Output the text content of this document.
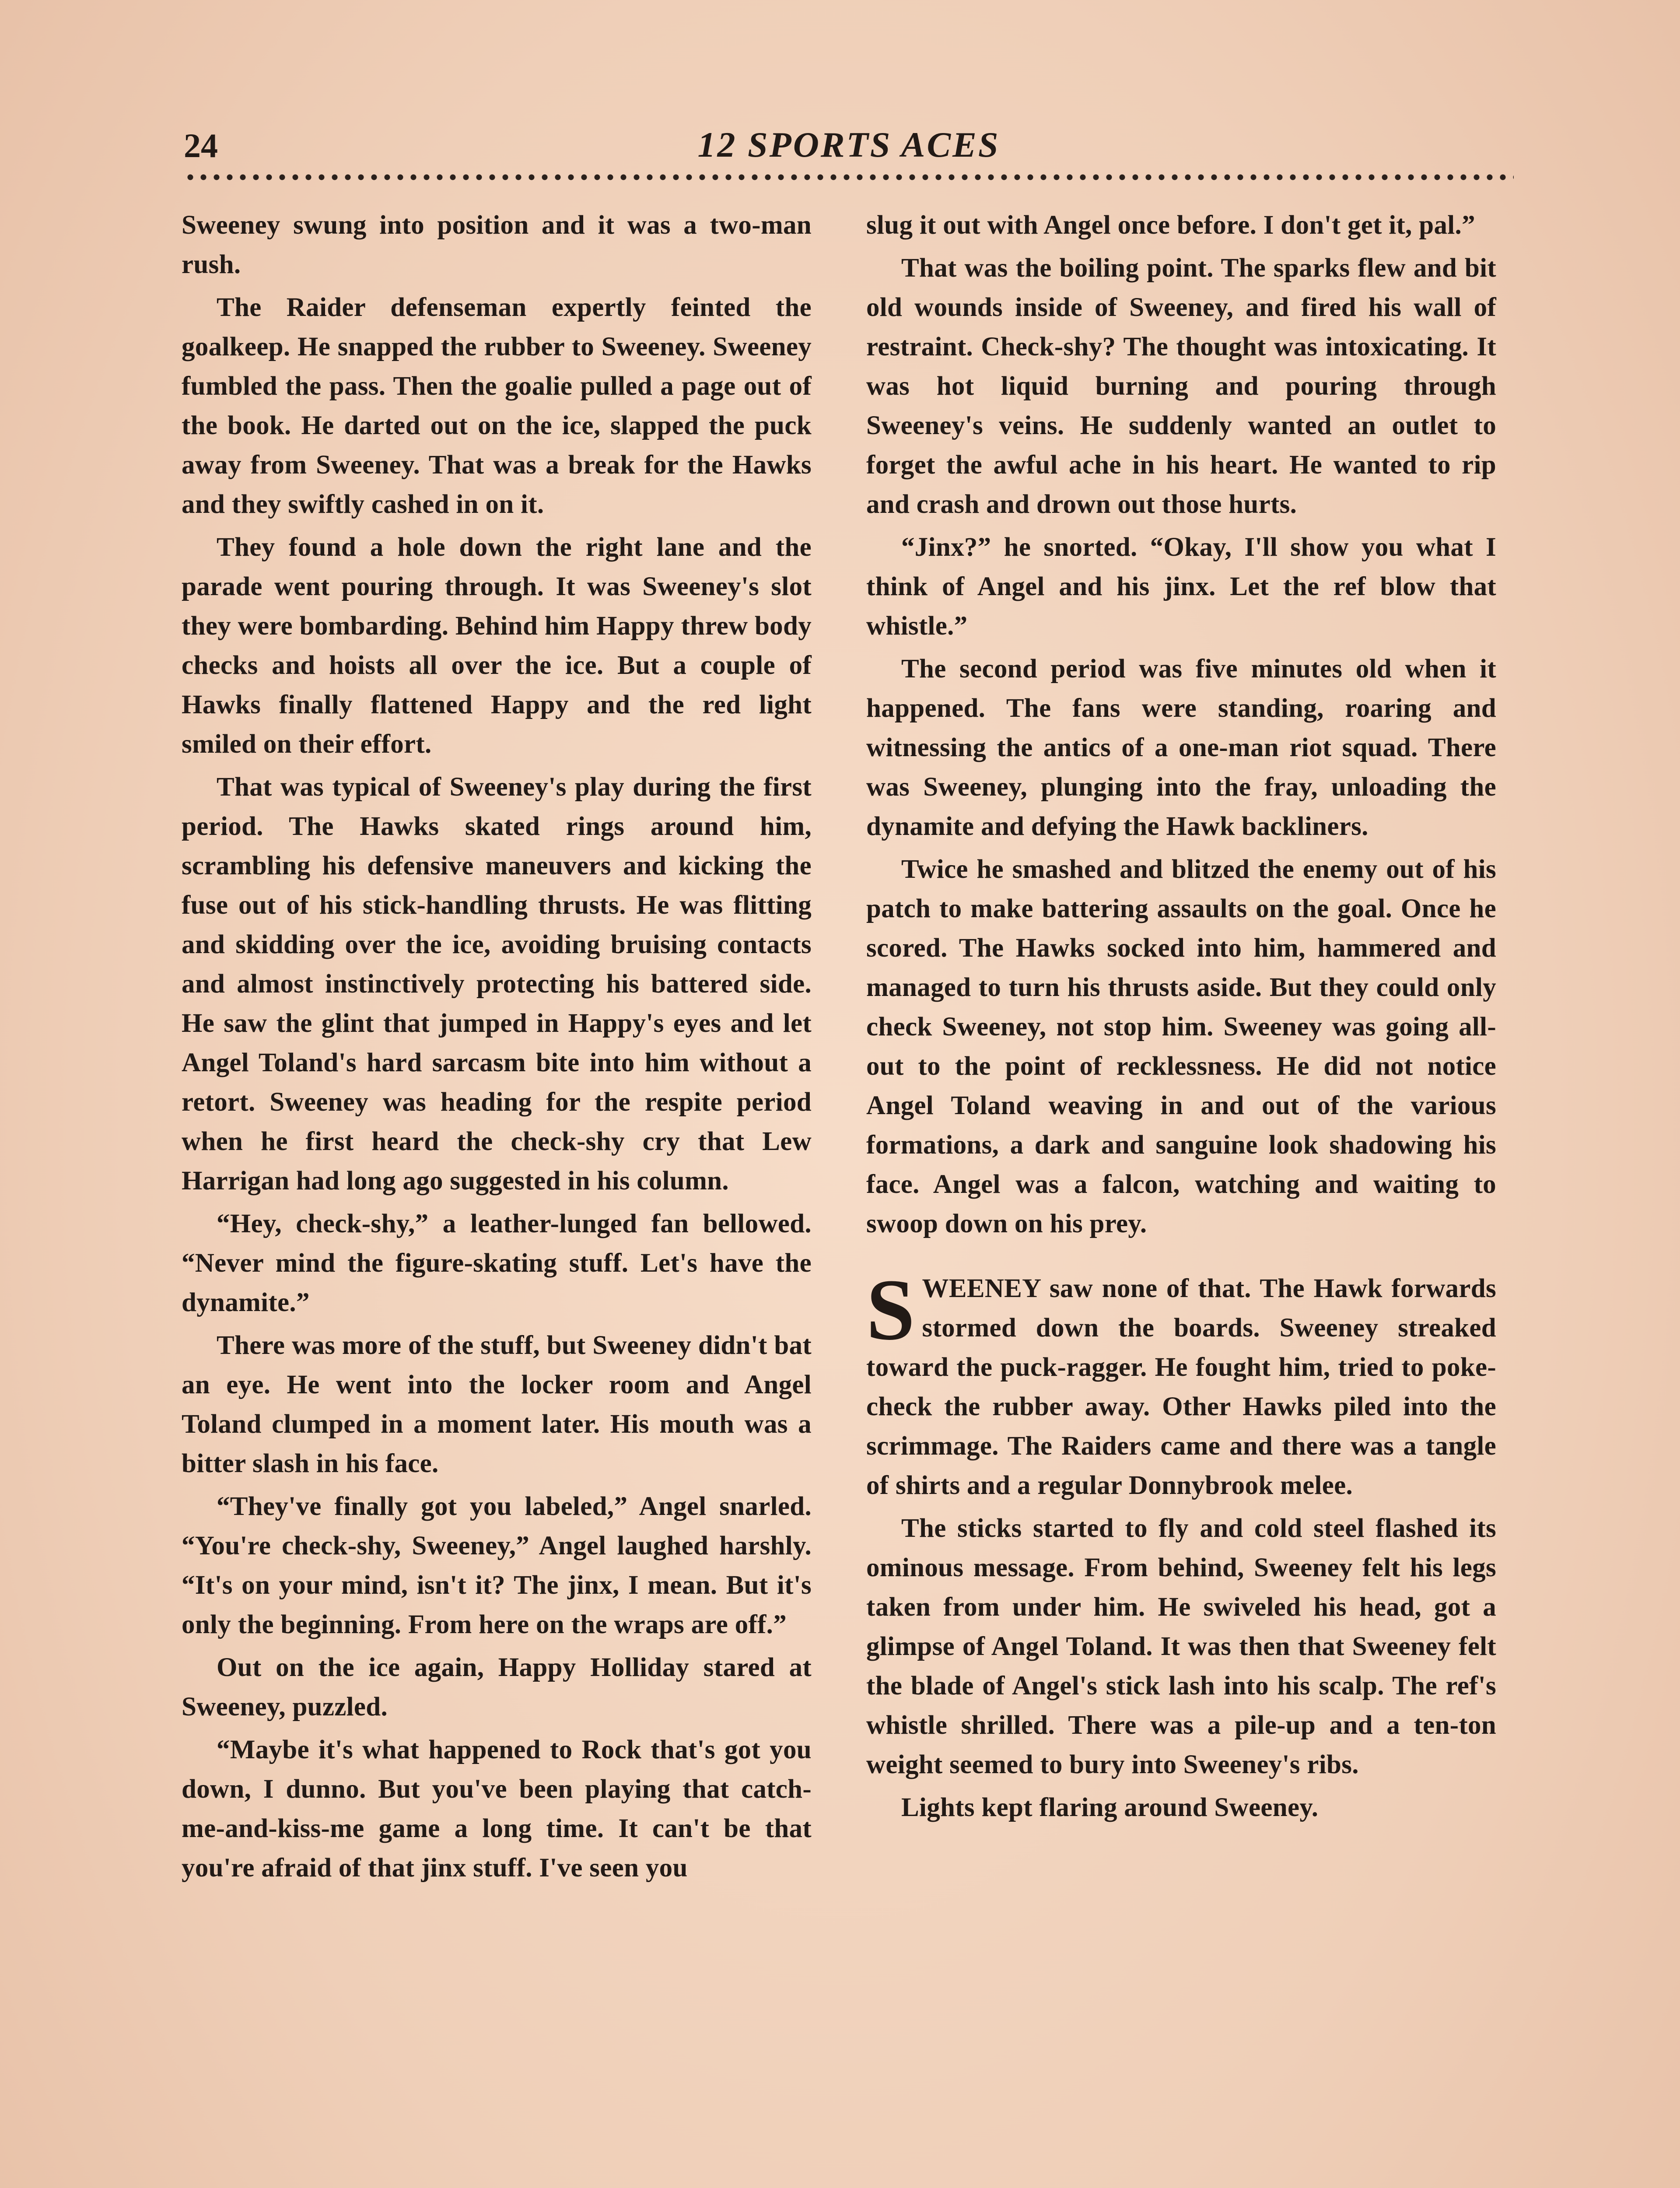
24	12 SPORTS ACES

Sweeney swung into position and it was a two-man rush.

The Raider defenseman expertly feinted the goalkeep. He snapped the rubber to Sweeney. Sweeney fumbled the pass. Then the goalie pulled a page out of the book. He darted out on the ice, slapped the puck away from Sweeney. That was a break for the Hawks and they swiftly cashed in on it.

They found a hole down the right lane and the parade went pouring through. It was Sweeney's slot they were bombarding. Behind him Happy threw body checks and hoists all over the ice. But a couple of Hawks finally flattened Happy and the red light smiled on their effort.

That was typical of Sweeney's play during the first period. The Hawks skated rings around him, scrambling his defensive maneuvers and kicking the fuse out of his stick-handling thrusts. He was flitting and skidding over the ice, avoiding bruising contacts and almost instinctively protecting his battered side. He saw the glint that jumped in Happy's eyes and let Angel Toland's hard sarcasm bite into him without a retort. Sweeney was heading for the respite period when he first heard the check-shy cry that Lew Harrigan had long ago suggested in his column.

“Hey, check-shy,” a leather-lunged fan bellowed. “Never mind the figure-skating stuff. Let's have the dynamite.”

There was more of the stuff, but Sweeney didn't bat an eye. He went into the locker room and Angel Toland clumped in a moment later. His mouth was a bitter slash in his face.

“They've finally got you labeled,” Angel snarled. “You're check-shy, Sweeney,” Angel laughed harshly. “It's on your mind, isn't it? The jinx, I mean. But it's only the beginning. From here on the wraps are off.”

Out on the ice again, Happy Holliday stared at Sweeney, puzzled.

“Maybe it's what happened to Rock that's got you down, I dunno. But you've been playing that catch-me-and-kiss-me game a long time. It can't be that you're afraid of that jinx stuff. I've seen you

slug it out with Angel once before. I don't get it, pal.”

That was the boiling point. The sparks flew and bit old wounds inside of Sweeney, and fired his wall of restraint. Check-shy? The thought was intoxicating. It was hot liquid burning and pouring through Sweeney's veins. He suddenly wanted an outlet to forget the awful ache in his heart. He wanted to rip and crash and drown out those hurts.

“Jinx?” he snorted. “Okay, I'll show you what I think of Angel and his jinx. Let the ref blow that whistle.”

The second period was five minutes old when it happened. The fans were standing, roaring and witnessing the antics of a one-man riot squad. There was Sweeney, plunging into the fray, unloading the dynamite and defying the Hawk backliners.

Twice he smashed and blitzed the enemy out of his patch to make battering assaults on the goal. Once he scored. The Hawks socked into him, hammered and managed to turn his thrusts aside. But they could only check Sweeney, not stop him. Sweeney was going all-out to the point of recklessness. He did not notice Angel Toland weaving in and out of the various formations, a dark and sanguine look shadowing his face. Angel was a falcon, watching and waiting to swoop down on his prey.

SWEENEY saw none of that. The Hawk forwards stormed down the boards. Sweeney streaked toward the puck-ragger. He fought him, tried to poke-check the rubber away. Other Hawks piled into the scrimmage. The Raiders came and there was a tangle of shirts and a regular Donnybrook melee.

The sticks started to fly and cold steel flashed its ominous message. From behind, Sweeney felt his legs taken from under him. He swiveled his head, got a glimpse of Angel Toland. It was then that Sweeney felt the blade of Angel's stick lash into his scalp. The ref's whistle shrilled. There was a pile-up and a ten-ton weight seemed to bury into Sweeney's ribs.

Lights kept flaring around Sweeney.
